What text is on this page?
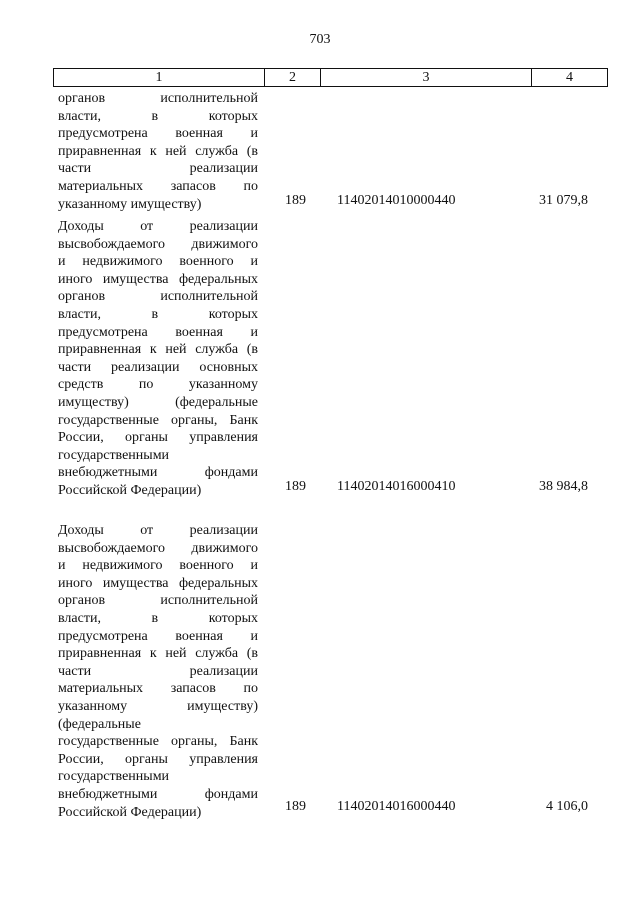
703
1	2	3	4
органов исполнительной
власти, в которых
предусмотрена военная и
приравненная к ней служба (в
части реализации
материальных запасов по
указанному имуществу)	189 11402014010000440	31 079,8
Доходы от реализации
высвобождаемого движимого
и недвижимого военного и
иного имущества федеральных
органов исполнительной
власти, в которых
предусмотрена военная и
приравненная к ней служба (в
части реализации основных
средств по указанному
имуществу) (федеральные
государственные органы, Банк
России, органы управления
государственными
внебюджетными фондами
Российской Федерации)	189 11402014016000410	38 984,8
Доходы от реализации
высвобождаемого движимого
и недвижимого военного и
иного имущества федеральных
органов исполнительной
власти, в которых
предусмотрена военная и
приравненная к ней служба (в
части реализации
материальных запасов по
указанному имуществу)
(федеральные
государственные органы, Банк
России, органы управления
государственными
внебюджетными фондами
Российской Федерации)	189 11402014016000440	4 106,0
